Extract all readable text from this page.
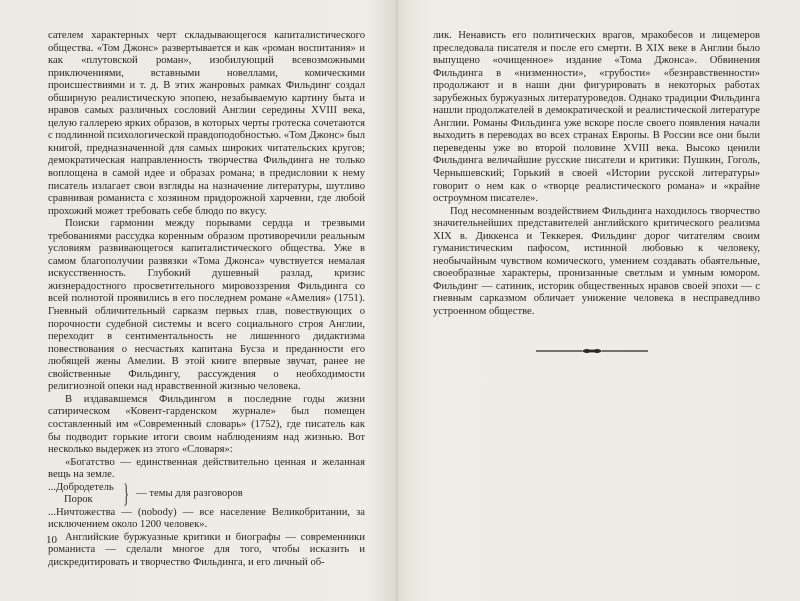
сателем характерных черт складывающегося капиталистического общества. «Том Джонс» развертывается и как «роман воспитания» и как «плутовской роман», изобилующий всевозможными приключениями, вставными новеллами, комическими происшествиями и т. д. В этих жанровых рамках Фильдинг создал обширную реалистическую эпопею, незабываемую картину быта и нравов самых различных сословий Англии середины XVIII века, целую галлерею ярких образов, в которых черты гротеска сочетаются с подлинной психологической правдоподобностью. «Том Джонс» был книгой, предназначенной для самых широких читательских кругов; демократическая направленность творчества Фильдинга не только воплощена в самой идее и образах романа; в предисловии к нему писатель излагает свои взгляды на назначение литературы, шутливо сравнивая романиста с хозяином придорожной харчевни, где любой прохожий может требовать себе блюдо по вкусу.

Поиски гармонии между порывами сердца и трезвыми требованиями рассудка коренным образом противоречили реальным условиям развивающегося капиталистического общества. Уже в самом благополучии развязки «Тома Джонса» чувствуется немалая искусственность. Глубокий душевный разлад, кризис жизнерадостного просветительного мировоззрения Фильдинга со всей полнотой проявились в его последнем романе «Амелия» (1751). Гневный обличительный сарказм первых глав, повествующих о порочности судебной системы и всего социального строя Англии, переходит в сентиментальность не лишенного дидактизма повествования о несчастьях капитана Бусза и преданности его любящей жены Амелии. В этой книге впервые звучат, ранее не свойственные Фильдингу, рассуждения о необходимости религиозной опеки над нравственной жизнью человека.

В издававшемся Фильдингом в последние годы жизни сатирическом «Ковент-гарденском журнале» был помещен составленный им «Современный словарь» (1752), где писатель как бы подводит горькие итоги своим наблюдениям над жизнью. Вот несколько выдержек из этого «Словаря»:

«Богатство — единственная действительно ценная и желанная вещь на земле.

...Добродетель
Порок	} — темы для разговоров

...Ничтожества — (nobody) — все население Великобритании, за исключением около 1200 человек».

Английские буржуазные критики и биографы — современники романиста — сделали многое для того, чтобы исказить и дискредитировать и творчество Фильдинга, и его личный об-

10

лик. Ненависть его политических врагов, мракобесов и лицемеров преследовала писателя и после его смерти. В XIX веке в Англии было выпущено «очищенное» издание «Тома Джонса». Обвинения Фильдинга в «низменности», «грубости» «безнравственности» продолжают и в наши дни фигурировать в некоторых работах зарубежных буржуазных литературоведов. Однако традиции Фильдинга нашли продолжателей в демократической и реалистической литературе Англии. Романы Фильдинга уже вскоре после своего появления начали выходить в переводах во всех странах Европы. В России все они были переведены уже во второй половине XVIII века. Высоко ценили Фильдинга величайшие русские писатели и критики: Пушкин, Гоголь, Чернышевский; Горький в своей «Истории русской литературы» говорит о нем как о «творце реалистического романа» и «крайне остроумном писателе».

Под несомненным воздействием Фильдинга находилось творчество значительнейших представителей английского критического реализма XIX в. Диккенса и Теккерея. Фильдинг дорог читателям своим гуманистическим пафосом, истинной любовью к человеку, необычайным чувством комического, умением создавать обаятельные, своеобразные характеры, пронизанные светлым и умным юмором. Фильдинг — сатиник, историк общественных нравов своей эпохи — с гневным сарказмом обличает унижение человека в несправедливо устроенном обществе.
